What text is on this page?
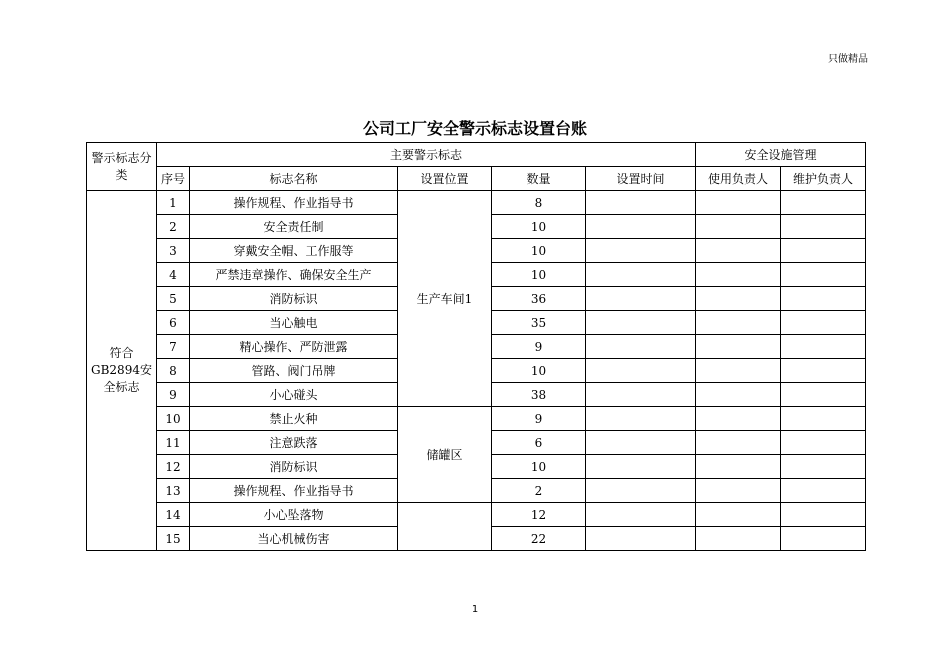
只做精品
公司工厂安全警示标志设置台账
警示标志分类	主要警示标志					安全设施管理	
	序号	标志名称	设置位置	数量	设置时间	使用负责人	维护负责人
符合GB2894安全标志	1	操作规程、作业指导书	生产车间1	8			
	2	安全责任制		10			
	3	穿戴安全帽、工作服等		10			
	4	严禁违章操作、确保安全生产		10			
	5	消防标识		36			
	6	当心触电		35			
	7	精心操作、严防泄露		9			
	8	管路、阀门吊牌		10			
	9	小心碰头		38			
	10	禁止火种	储罐区	9			
	11	注意跌落		6			
	12	消防标识		10			
	13	操作规程、作业指导书		2			
	14	小心坠落物		12			
	15	当心机械伤害		22			
1
